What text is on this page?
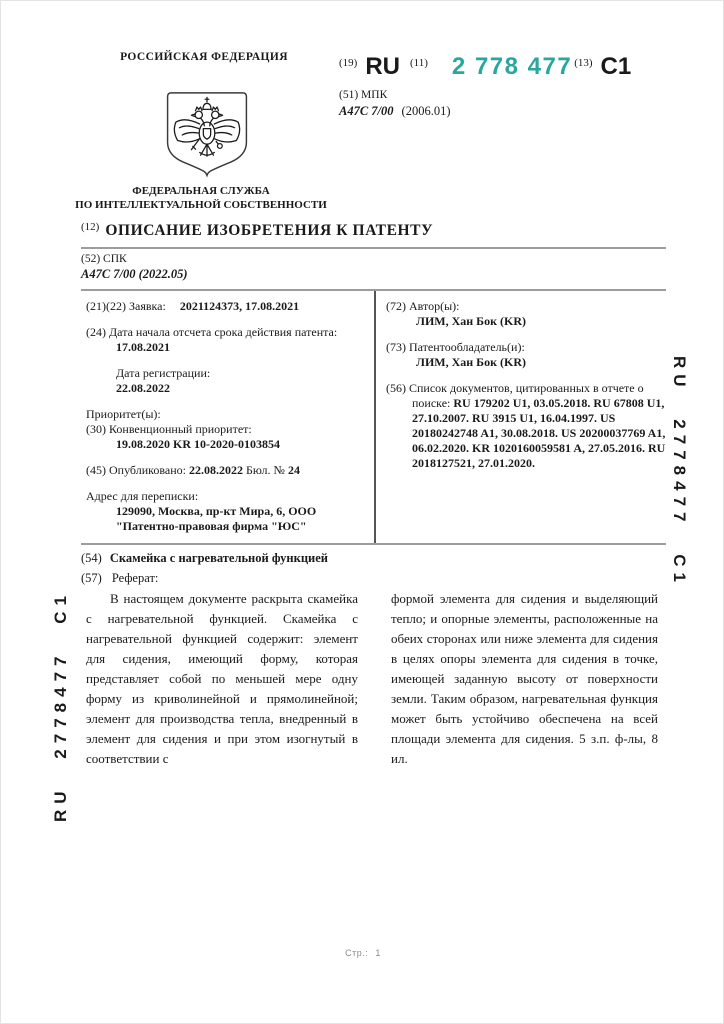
RU 2778477 C1
RU 2778477 C1
РОССИЙСКАЯ ФЕДЕРАЦИЯ
ФЕДЕРАЛЬНАЯ СЛУЖБА
ПО ИНТЕЛЛЕКТУАЛЬНОЙ СОБСТВЕННОСТИ
$^{(19)}$ RU $^{(11)}$ 2 778 477 $^{(13)}$ C1
(51) МПК
A47C 7/00 (2006.01)
$^{(12)}$ ОПИСАНИЕ ИЗОБРЕТЕНИЯ К ПАТЕНТУ
(52) СПК
A47C 7/00 (2022.05)

(21)(22) Заявка: 2021124373, 17.08.2021

(24) Дата начала отсчета срока действия патента:

17.08.2021

Дата регистрации:

22.08.2022

Приоритет(ы):

(30) Конвенционный приоритет:

19.08.2020 KR 10-2020-0103854

(45) Опубликовано: 22.08.2022 Бюл. № 24

Адрес для переписки:

129090, Москва, пр-кт Мира, 6, ООО

"Патентно-правовая фирма "ЮС"

(72) Автор(ы):

ЛИМ, Хан Бок (KR)

(73) Патентообладатель(и):

ЛИМ, Хан Бок (KR)

(56) Список документов, цитированных в отчете о поиске: RU 179202 U1, 03.05.2018. RU 67808 U1, 27.10.2007. RU 3915 U1, 16.04.1997. US 20180242748 A1, 30.08.2018. US 20200037769 A1, 06.02.2020. KR 1020160059581 A, 27.05.2016. RU 2018127521, 27.01.2020.

(54) Скамейка с нагревательной функцией
(57) Реферат:
В настоящем документе раскрыта скамейка с нагревательной функцией. Скамейка с нагревательной функцией содержит: элемент для сидения, имеющий форму, которая представляет собой по меньшей мере одну форму из криволинейной и прямолинейной; элемент для производства тепла, внедренный в элемент для сидения и при этом изогнутый в соответствии с
формой элемента для сидения и выделяющий тепло; и опорные элементы, расположенные на обеих сторонах или ниже элемента для сидения в целях опоры элемента для сидения в точке, имеющей заданную высоту от поверхности земли. Таким образом, нагревательная функция может быть устойчиво обеспечена на всей площади элемента для сидения. 5 з.п. ф-лы, 8 ил.
Стр.: 1
